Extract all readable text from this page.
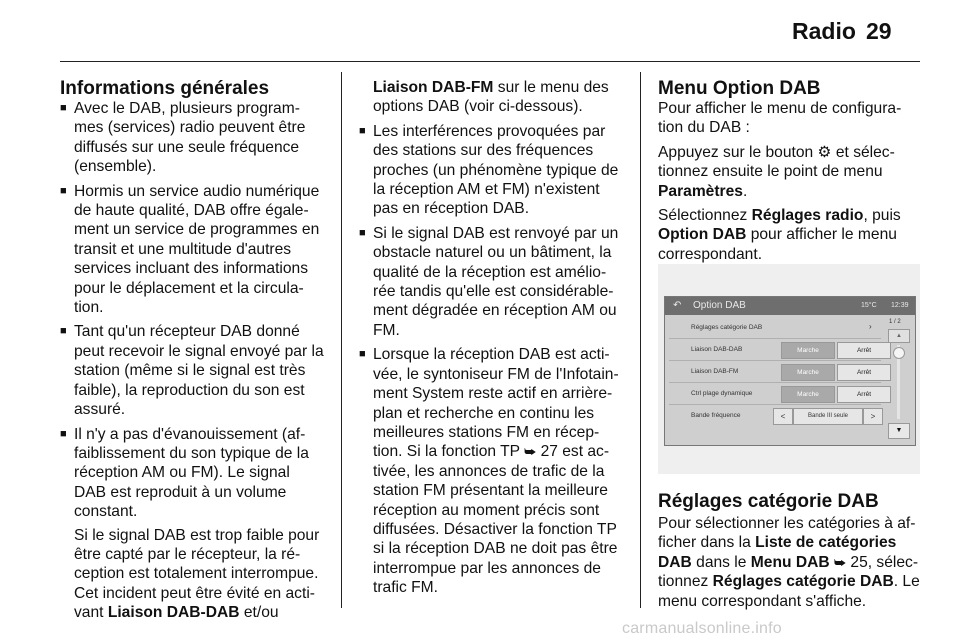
Radio 29
Informations générales
■ Avec le DAB, plusieurs program-mes (services) radio peuvent être diffusés sur une seule fréquence (ensemble).
■ Hormis un service audio numérique de haute qualité, DAB offre égale-ment un service de programmes en transit et une multitude d'autres services incluant des informations pour le déplacement et la circula-tion.
■ Tant qu'un récepteur DAB donné peut recevoir le signal envoyé par la station (même si le signal est très faible), la reproduction du son est assuré.
■ Il n'y a pas d'évanouissement (af-faiblissement du son typique de la réception AM ou FM). Le signal DAB est reproduit à un volume constant.
Si le signal DAB est trop faible pour être capté par le récepteur, la ré-ception est totalement interrompue. Cet incident peut être évité en acti-vant Liaison DAB-DAB et/ou

Liaison DAB-FM sur le menu des options DAB (voir ci-dessous).

■ Les interférences provoquées par des stations sur des fréquences proches (un phénomène typique de la réception AM et FM) n'existent pas en réception DAB.
■ Si le signal DAB est renvoyé par un obstacle naturel ou un bâtiment, la qualité de la réception est amélio-rée tandis qu'elle est considérable-ment dégradée en réception AM ou FM.
■ Lorsque la réception DAB est acti-vée, le syntoniseur FM de l'Infotain-ment System reste actif en arrière-plan et recherche en continu les meilleures stations FM en récep-tion. Si la fonction TP ⮩ 27 est ac-tivée, les annonces de trafic de la station FM présentant la meilleure réception au moment précis sont diffusées. Désactiver la fonction TP si la réception DAB ne doit pas être interrompue par les annonces de trafic FM.
Menu Option DAB

Pour afficher le menu de configura-tion du DAB :

Appuyez sur le bouton ⚙ et sélec-tionnez ensuite le point de menu Paramètres.

Sélectionnez Réglages radio, puis Option DAB pour afficher le menu correspondant.

↶ Option DAB	15°C 12:39
Réglages catégorie DAB	›
Liaison DAB-DAB	Marche	Arrêt
Liaison DAB-FM	Marche	Arrêt
Ctrl plage dynamique	Marche	Arrêt
Bande fréquence	<	Bande III seule	>
1 / 2
▲
▼
Réglages catégorie DAB
Pour sélectionner les catégories à af-ficher dans la Liste de catégories DAB dans le Menu DAB ⮩ 25, sélec-tionnez Réglages catégorie DAB. Le menu correspondant s'affiche.
carmanualsonline.info
